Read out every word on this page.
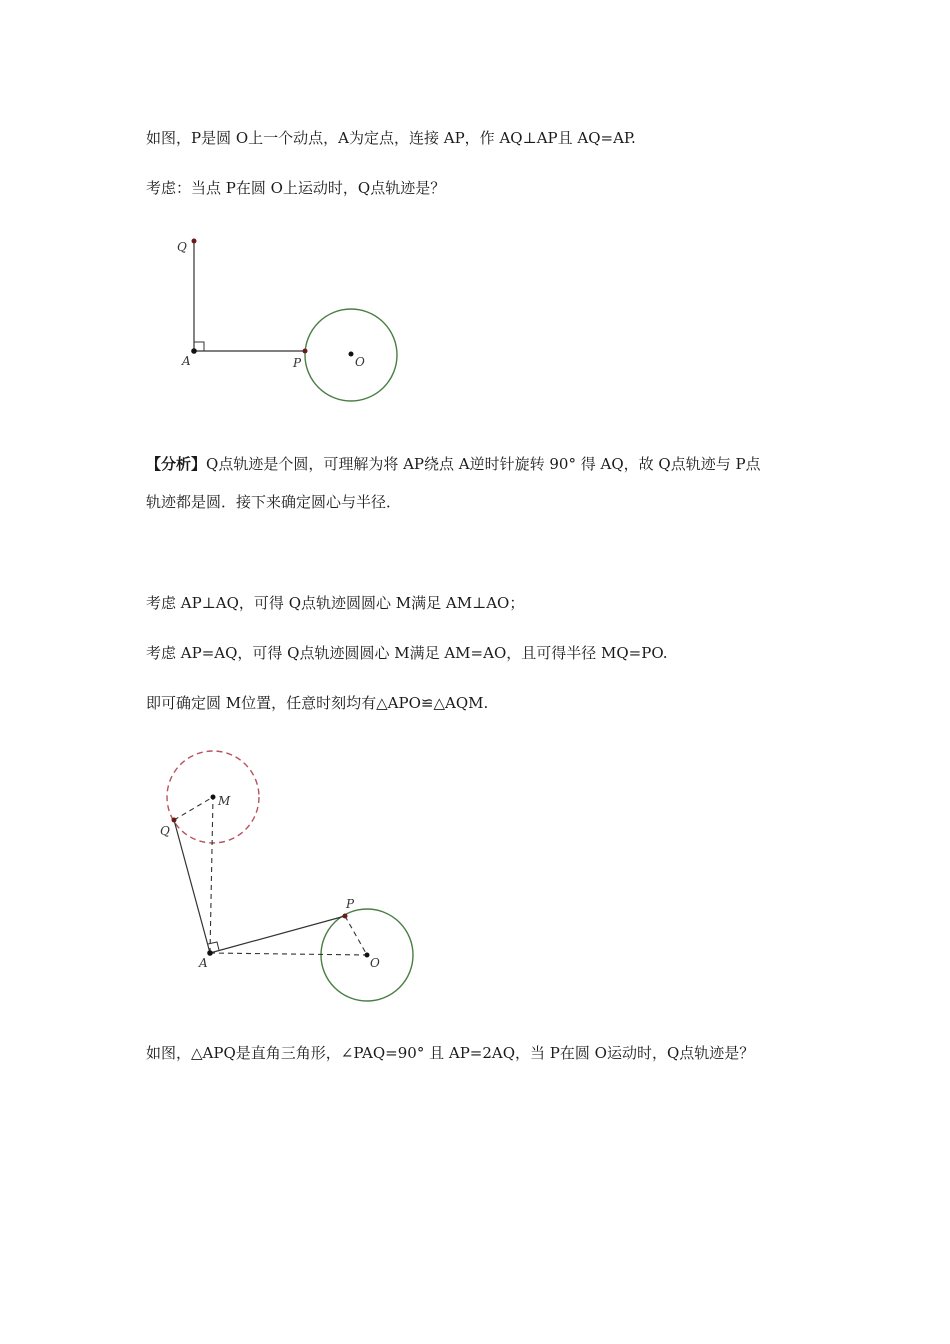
如图，P是圆 O上一个动点，A为定点，连接 AP，作 AQ⊥AP且 AQ=AP.

考虑：当点 P在圆 O上运动时，Q点轨迹是？

Q
A	P	O

【分析】Q点轨迹是个圆，可理解为将 AP绕点 A逆时针旋转 90° 得 AQ，故 Q点轨迹与 P点

轨迹都是圆．接下来确定圆心与半径．

考虑 AP⊥AQ，可得 Q点轨迹圆圆心 M满足 AM⊥AO；

考虑 AP=AQ，可得 Q点轨迹圆圆心 M满足 AM=AO，且可得半径 MQ=PO.

即可确定圆 M位置，任意时刻均有△APO≌△AQM.

M
Q
P
A	O

如图，△APQ是直角三角形，∠PAQ=90° 且 AP=2AQ，当 P在圆 O运动时，Q点轨迹是？
